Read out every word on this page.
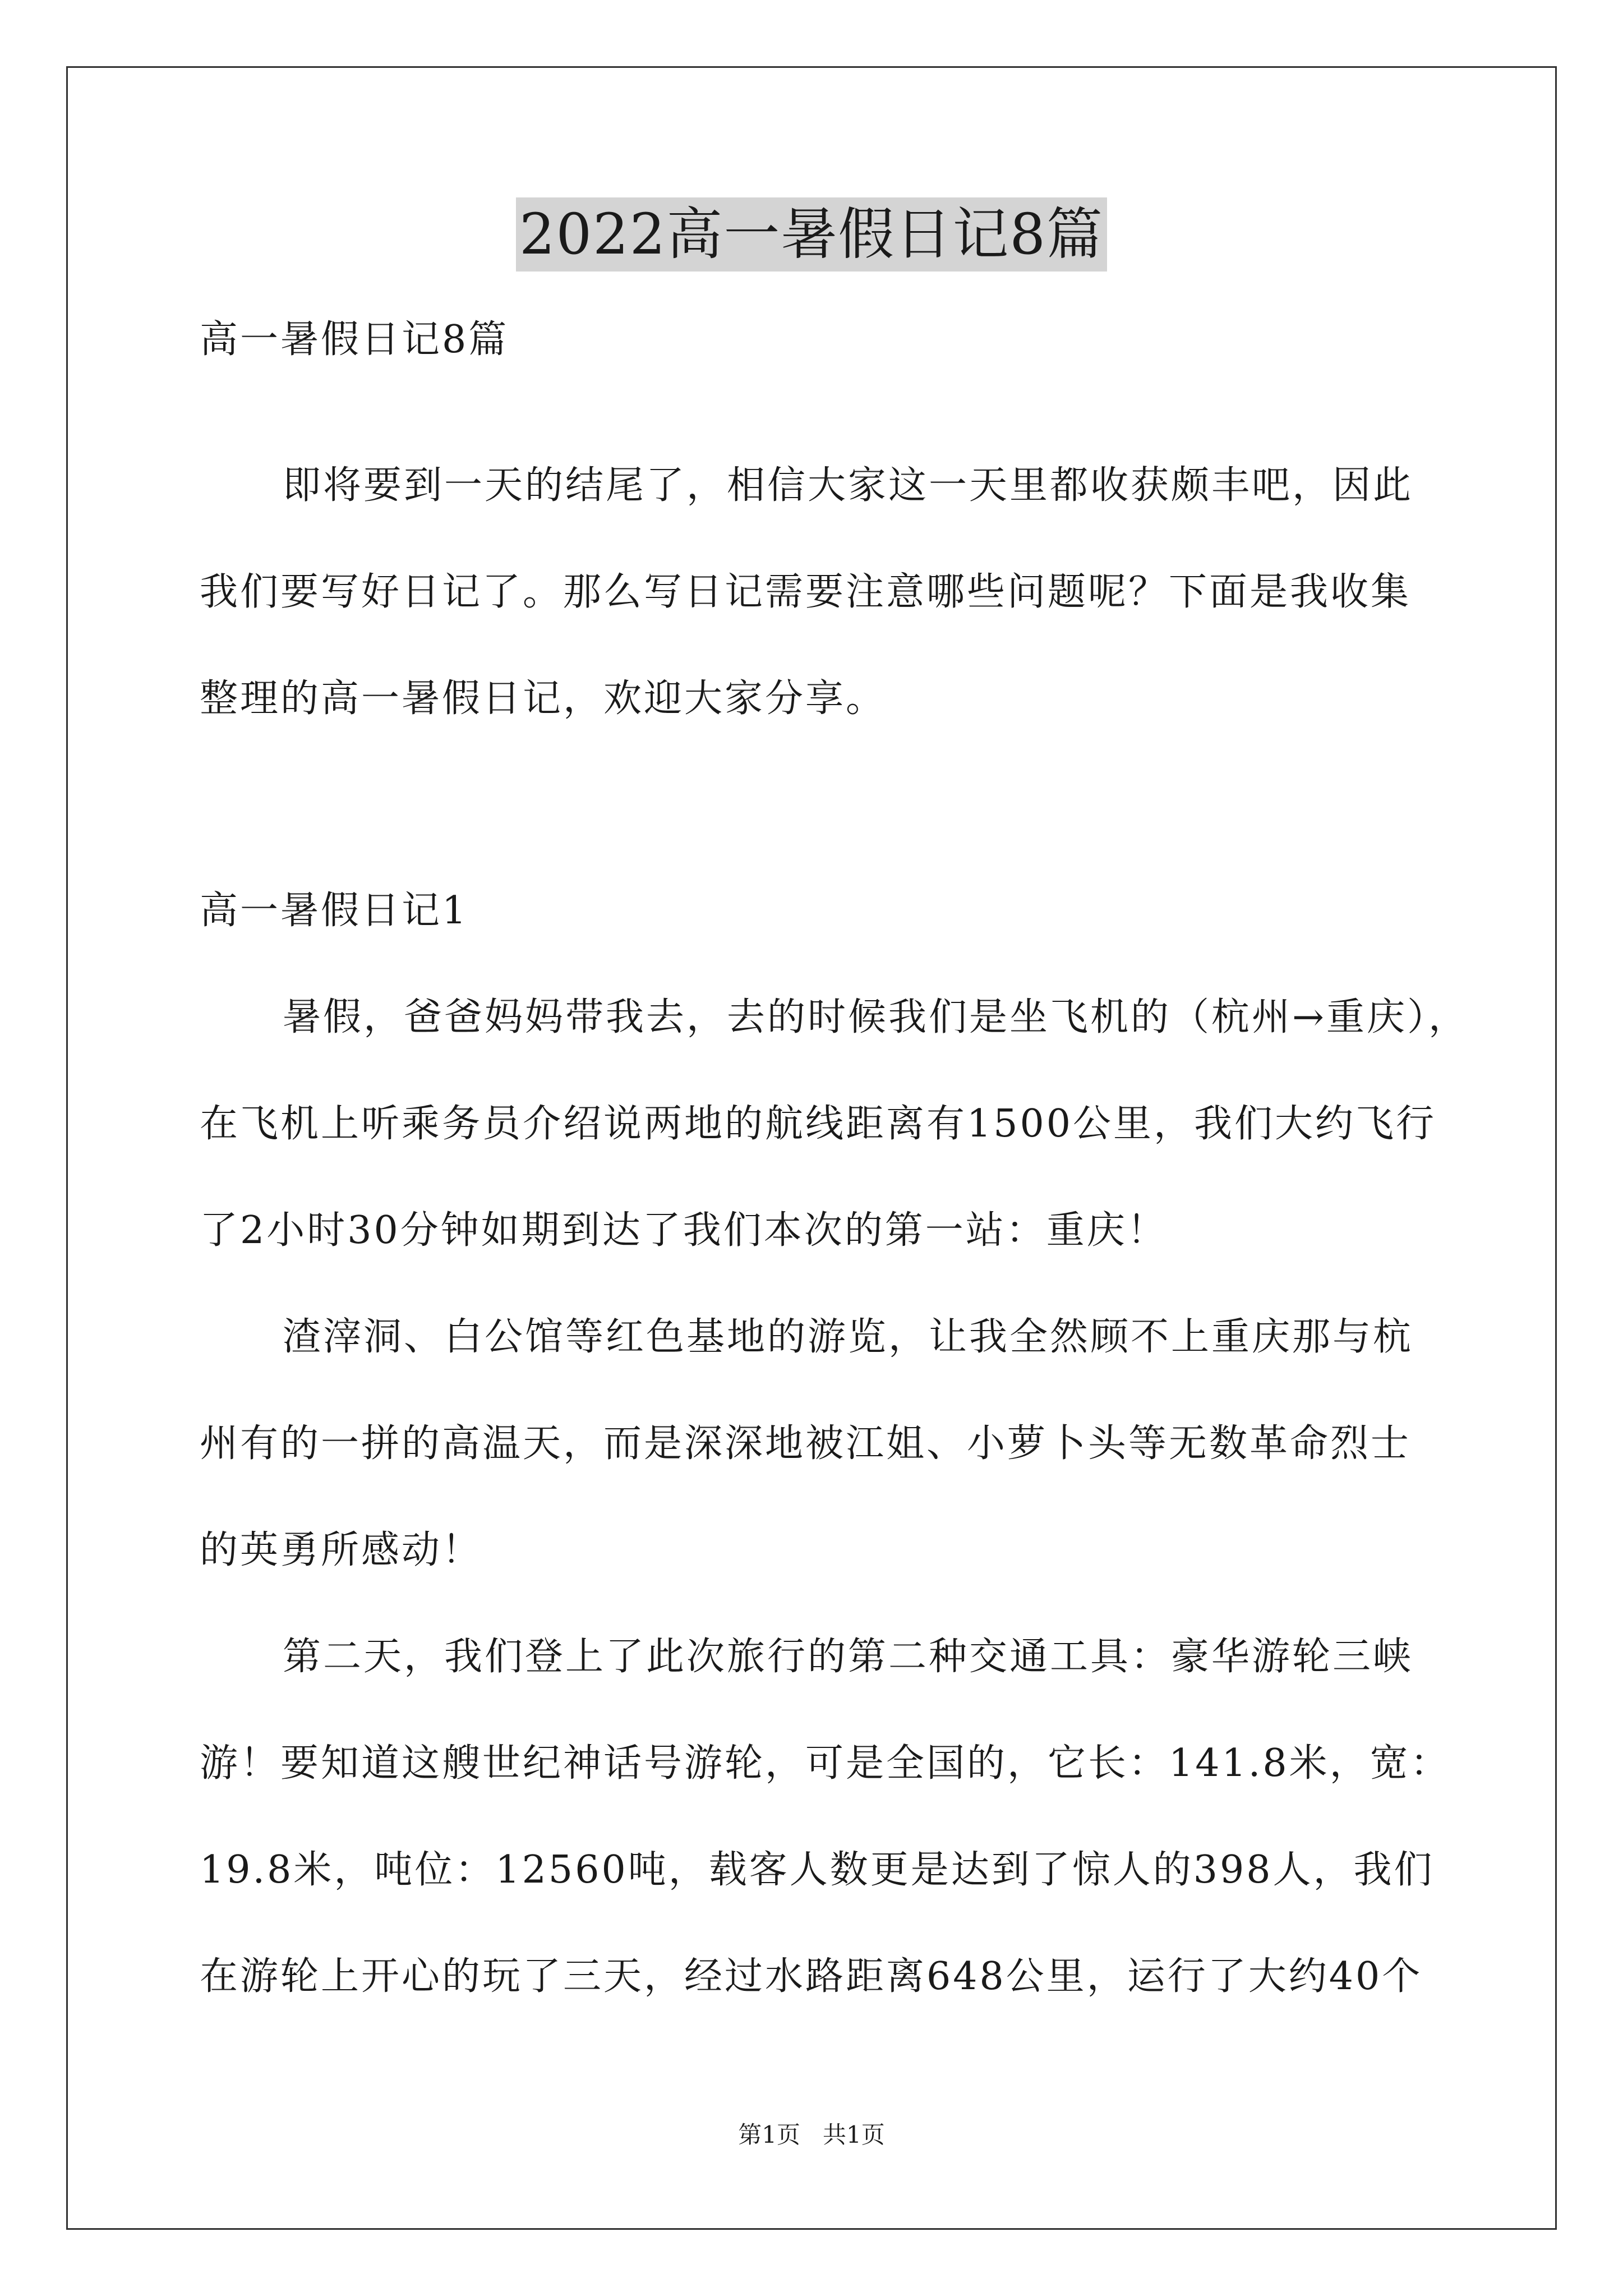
2022高一暑假日记8篇
高一暑假日记8篇
即将要到一天的结尾了，相信大家这一天里都收获颇丰吧，因此
我们要写好日记了。那么写日记需要注意哪些问题呢？下面是我收集
整理的高一暑假日记，欢迎大家分享。
高一暑假日记1
暑假，爸爸妈妈带我去，去的时候我们是坐飞机的（杭州→重庆），
在飞机上听乘务员介绍说两地的航线距离有1500公里，我们大约飞行
了2小时30分钟如期到达了我们本次的第一站：重庆！
渣滓洞、白公馆等红色基地的游览，让我全然顾不上重庆那与杭
州有的一拼的高温天，而是深深地被江姐、小萝卜头等无数革命烈士
的英勇所感动！
第二天，我们登上了此次旅行的第二种交通工具：豪华游轮三峡
游！要知道这艘世纪神话号游轮，可是全国的，它长：141.8米，宽：
19.8米，吨位：12560吨，载客人数更是达到了惊人的398人，我们
在游轮上开心的玩了三天，经过水路距离648公里，运行了大约40个
第1页   共1页
